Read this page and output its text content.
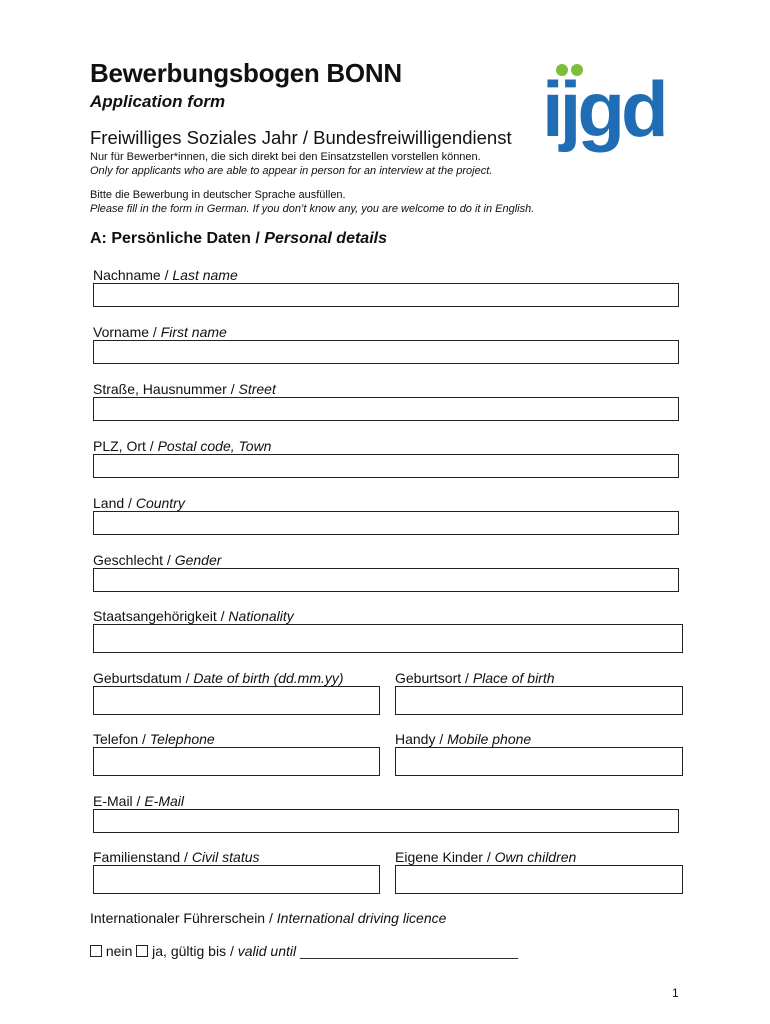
Bewerbungsbogen BONN
Application form
Freiwilliges Soziales Jahr / Bundesfreiwilligendienst
Nur für Bewerber*innen, die sich direkt bei den Einsatzstellen vorstellen können.
Only for applicants who are able to appear in person for an interview at the project.
Bitte die Bewerbung in deutscher Sprache ausfüllen.
Please fill in the form in German. If you don’t know any, you are welcome to do it in English.
ijgd
A: Persönliche Daten / Personal details
Nachname / Last name
Vorname / First name
Straße, Hausnummer / Street
PLZ, Ort / Postal code, Town
Land / Country
Geschlecht / Gender
Staatsangehörigkeit / Nationality
Geburtsdatum / Date of birth (dd.mm.yy)	Geburtsort / Place of birth
Telefon / Telephone	Handy / Mobile phone
E-Mail / E-Mail
Familienstand / Civil status	Eigene Kinder / Own children
Internationaler Führerschein / International driving licence
nein ja, gültig bis / valid until ____________________________
1
